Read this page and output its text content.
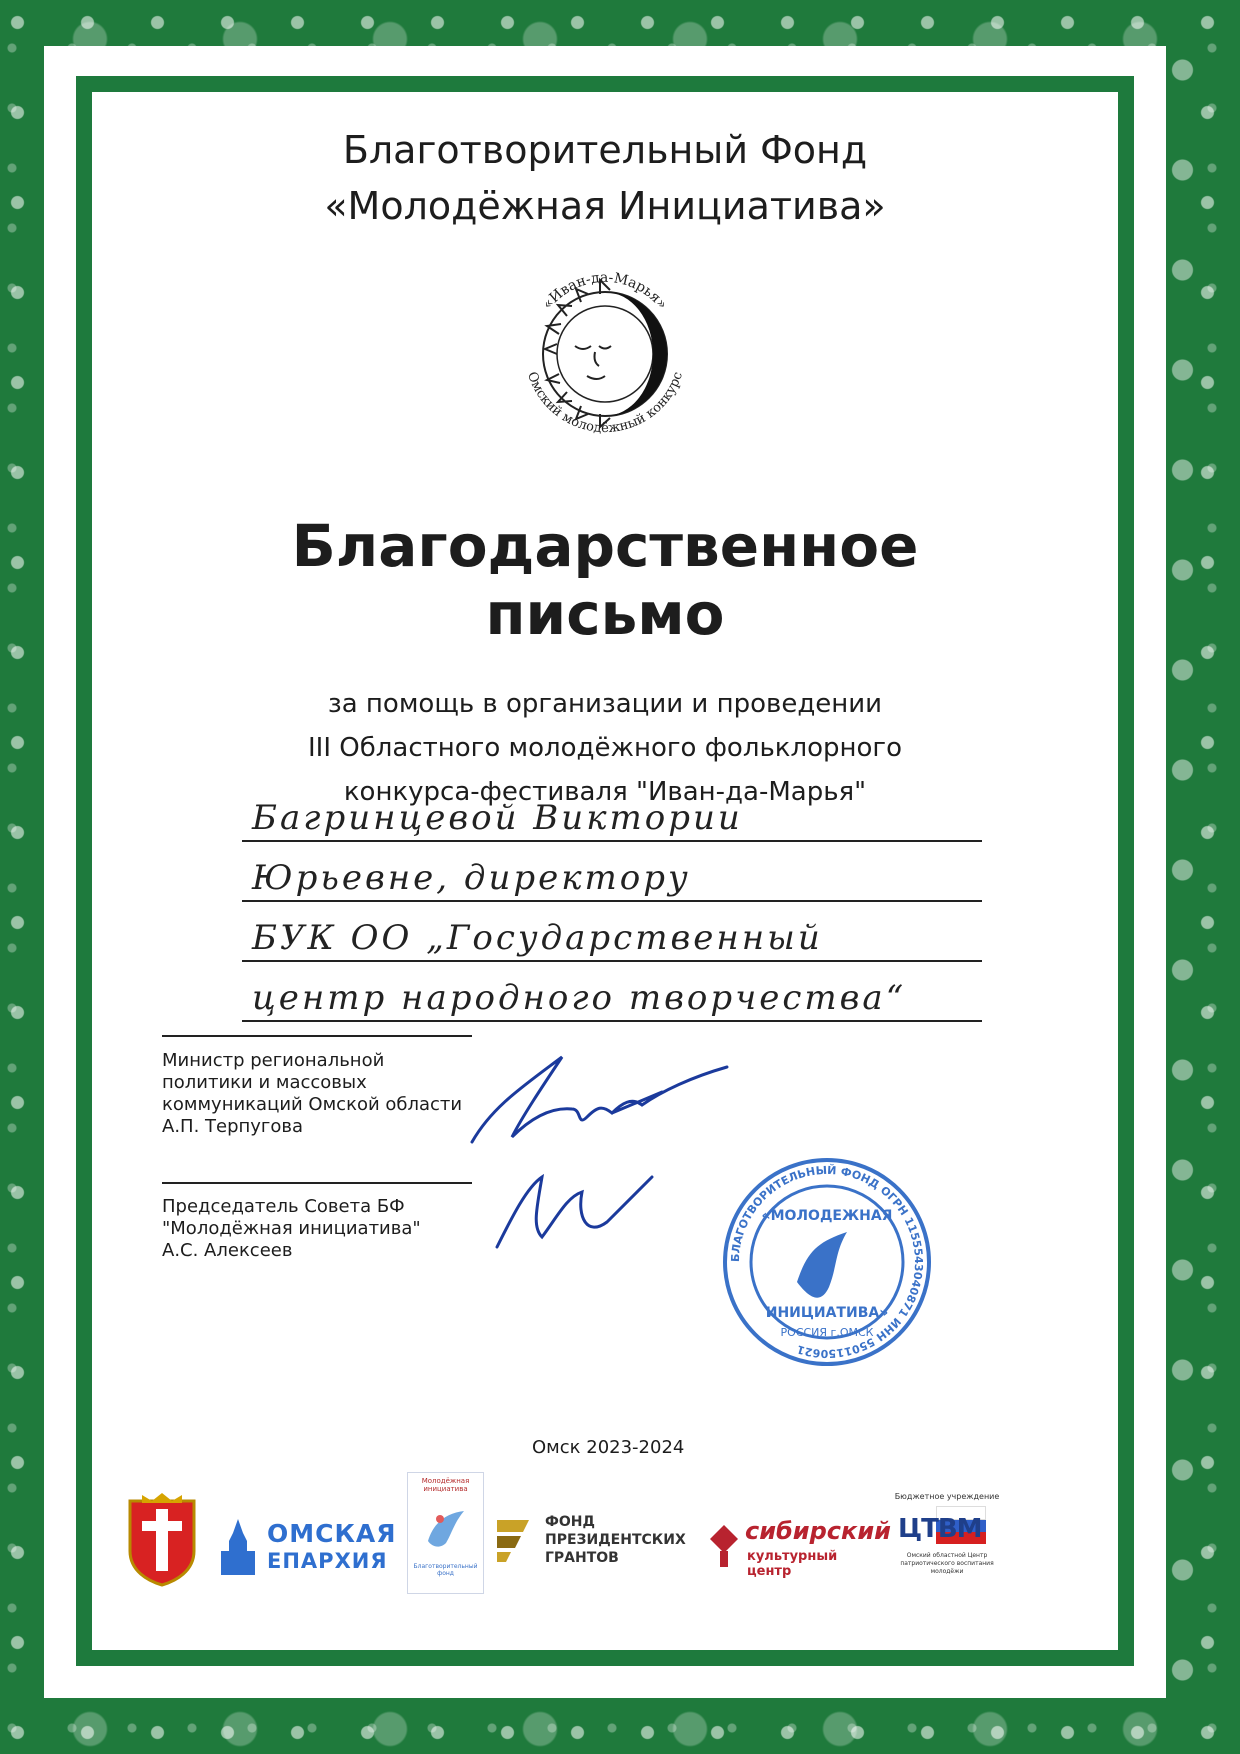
Благотворительный Фонд
«Молодёжная Инициатива»
«Иван-да-Марья»
Омский молодёжный конкурс
Благодарственное
письмо
за помощь в организации и проведении
III Областного молодёжного фольклорного
конкурса-фестиваля "Иван-да-Марья"
Багринцевой Виктории
Юрьевне, директору
БУК ОО „Государственный
центр народного творчества“
Министр региональной
политики и массовых
коммуникаций Омской области
А.П. Терпугова
Председатель Совета БФ
"Молодёжная инициатива"
А.С. Алексеев
Омск 2023-2024
БЛАГОТВОРИТЕЛЬНЫЙ ФОНД ОГРН 1155543040871 ИНН 5501150621
«МОЛОДЕЖНАЯ
ИНИЦИАТИВА»
РОССИЯ г.ОМСК
ОМСКАЯ
ЕПАРХИЯ
Молодёжная инициатива
Благотворительный фонд
ФОНД
ПРЕЗИДЕНТСКИХ
ГРАНТОВ
сибирский
культурный центр
Бюджетное учреждение
ЦТВМ
Омский областной Центр патриотического воспитания молодёжи
